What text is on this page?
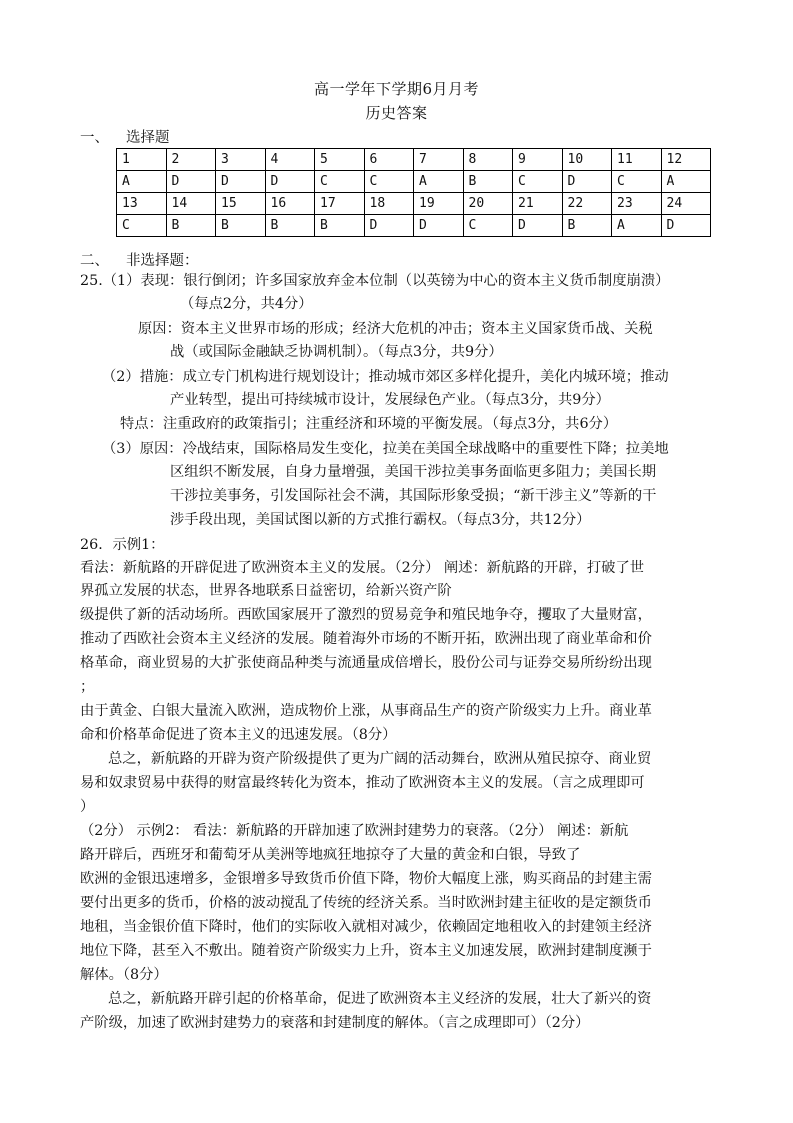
高一学年下学期6月月考
历史答案
一、 选择题
1	2	3	4	5	6	7	8	9	10	11	12
A	D	D	D	C	C	A	B	C	D	C	A
13	14	15	16	17	18	19	20	21	22	23	24
C	B	B	B	B	D	D	C	D	B	A	D
二、 非选择题：
25.（1）表现：银行倒闭；许多国家放弃金本位制（以英镑为中心的资本主义货币制度崩溃）
（每点2分，共4分）
原因：资本主义世界市场的形成；经济大危机的冲击；资本主义国家货币战、关税
战（或国际金融缺乏协调机制）。（每点3分，共9分）
（2）措施：成立专门机构进行规划设计；推动城市郊区多样化提升，美化内城环境；推动
产业转型，提出可持续城市设计，发展绿色产业。（每点3分，共9分）
特点：注重政府的政策指引；注重经济和环境的平衡发展。（每点3分，共6分）
（3）原因：冷战结束，国际格局发生变化，拉美在美国全球战略中的重要性下降；拉美地
区组织不断发展，自身力量增强，美国干涉拉美事务面临更多阻力；美国长期
干涉拉美事务，引发国际社会不满，其国际形象受损；“新干涉主义”等新的干
涉手段出现，美国试图以新的方式推行霸权。（每点3分，共12分）
26．示例1：
看法：新航路的开辟促进了欧洲资本主义的发展。（2分） 阐述：新航路的开辟，打破了世
界孤立发展的状态，世界各地联系日益密切，给新兴资产阶
级提供了新的活动场所。西欧国家展开了激烈的贸易竞争和殖民地争夺，攫取了大量财富，
推动了西欧社会资本主义经济的发展。随着海外市场的不断开拓，欧洲出现了商业革命和价
格革命，商业贸易的大扩张使商品种类与流通量成倍增长，股份公司与证券交易所纷纷出现
；
由于黄金、白银大量流入欧洲，造成物价上涨，从事商品生产的资产阶级实力上升。商业革
命和价格革命促进了资本主义的迅速发展。（8分）
总之，新航路的开辟为资产阶级提供了更为广阔的活动舞台，欧洲从殖民掠夺、商业贸
易和奴隶贸易中获得的财富最终转化为资本，推动了欧洲资本主义的发展。（言之成理即可
）
（2分） 示例2： 看法：新航路的开辟加速了欧洲封建势力的衰落。（2分） 阐述：新航
路开辟后，西班牙和葡萄牙从美洲等地疯狂地掠夺了大量的黄金和白银，导致了
欧洲的金银迅速增多，金银增多导致货币价值下降，物价大幅度上涨，购买商品的封建主需
要付出更多的货币，价格的波动搅乱了传统的经济关系。当时欧洲封建主征收的是定额货币
地租，当金银价值下降时，他们的实际收入就相对减少，依赖固定地租收入的封建领主经济
地位下降，甚至入不敷出。随着资产阶级实力上升，资本主义加速发展，欧洲封建制度濒于
解体。（8分）
总之，新航路开辟引起的价格革命，促进了欧洲资本主义经济的发展，壮大了新兴的资
产阶级，加速了欧洲封建势力的衰落和封建制度的解体。（言之成理即可）（2分）
